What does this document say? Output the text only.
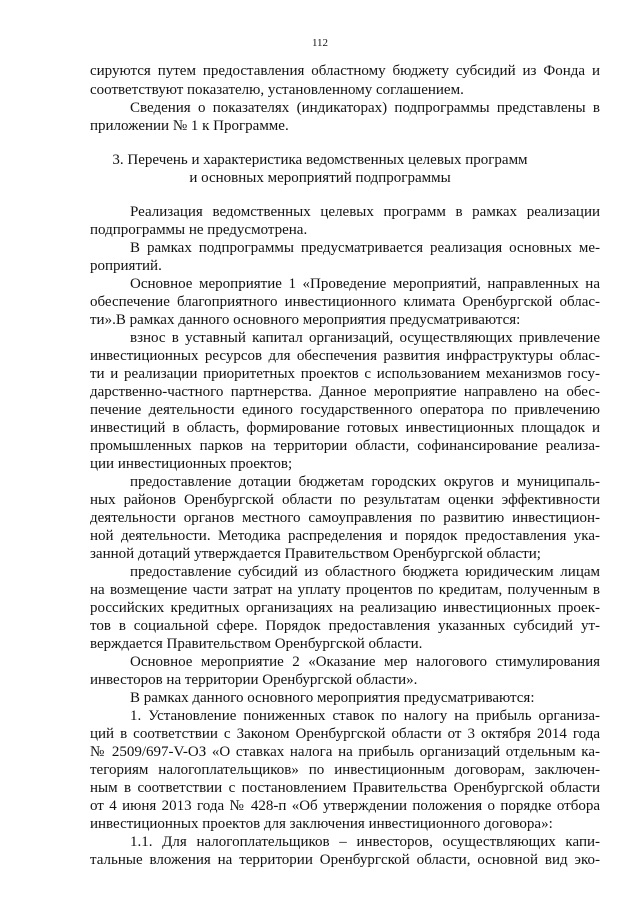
112
сируются путем предоставления областному бюджету субсидий из Фонда и
соответствуют показателю, установленному соглашением.
Сведения о показателях (индикаторах) подпрограммы представлены в
приложении № 1 к Программе.
3. Перечень и характеристика ведомственных целевых программ
и основных мероприятий подпрограммы
Реализация ведомственных целевых программ в рамках реализации
подпрограммы не предусмотрена.
В рамках подпрограммы предусматривается реализация основных ме-
роприятий.
Основное мероприятие 1 «Проведение мероприятий, направленных на
обеспечение благоприятного инвестиционного климата Оренбургской облас-
ти».В рамках данного основного мероприятия предусматриваются:
взнос в уставный капитал организаций, осуществляющих привлечение
инвестиционных ресурсов для обеспечения развития инфраструктуры облас-
ти и реализации приоритетных проектов с использованием механизмов госу-
дарственно-частного партнерства. Данное мероприятие направлено на обес-
печение деятельности единого государственного оператора по привлечению
инвестиций в область, формирование готовых инвестиционных площадок и
промышленных парков на территории области, софинансирование реализа-
ции инвестиционных проектов;
предоставление дотации бюджетам городских округов и муниципаль-
ных районов Оренбургской области по результатам оценки эффективности
деятельности органов местного самоуправления по развитию инвестицион-
ной деятельности. Методика распределения и порядок предоставления ука-
занной дотаций утверждается Правительством Оренбургской области;
предоставление субсидий из областного бюджета юридическим лицам
на возмещение части затрат на уплату процентов по кредитам, полученным в
российских кредитных организациях на реализацию инвестиционных проек-
тов в социальной сфере. Порядок предоставления указанных субсидий ут-
верждается Правительством Оренбургской области.
Основное мероприятие 2 «Оказание мер налогового стимулирования
инвесторов на территории Оренбургской области».
В рамках данного основного мероприятия предусматриваются:
1. Установление пониженных ставок по налогу на прибыль организа-
ций в соответствии с Законом Оренбургской области от 3 октября 2014 года
№ 2509/697-V-ОЗ «О ставках налога на прибыль организаций отдельным ка-
тегориям налогоплательщиков» по инвестиционным договорам, заключен-
ным в соответствии с постановлением Правительства Оренбургской области
от 4 июня 2013 года № 428-п «Об утверждении положения о порядке отбора
инвестиционных проектов для заключения инвестиционного договора»:
1.1. Для налогоплательщиков – инвесторов, осуществляющих капи-
тальные вложения на территории Оренбургской области, основной вид эко-
